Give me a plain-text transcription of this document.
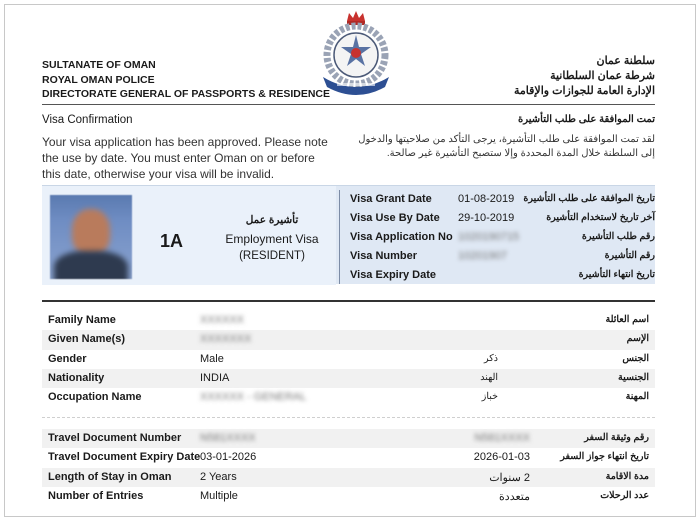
SULTANATE OF OMAN
ROYAL OMAN POLICE
DIRECTORATE GENERAL OF PASSPORTS & RESIDENCE
سلطنة عمان
شرطة عمان السلطانية
الإدارة العامة للجوازات والإقامة
Visa Confirmation	تمت الموافقة على طلب التأشيرة
Your visa application has been approved. Please note the use by date. You must enter Oman on or before this date, otherwise your visa will be invalid.
لقد تمت الموافقة على طلب التأشيرة، يرجى التأكد من صلاحيتها والدخول إلى السلطنة خلال المدة المحددة وإلا ستصبح التأشيرة غير صالحة.
1A
تأشيرة عمل
Employment Visa
(RESIDENT)
Visa Grant Date 01-08-2019 تاريخ الموافقة على طلب التأشيرة
Visa Use By Date 29-10-2019	آخر تاريخ لاستخدام التأشيرة
Visa Application No 1020190715	رقم طلب التأشيرة
Visa Number	10201907	رقم التأشيرة
Visa Expiry Date	تاريخ انتهاء التأشيرة
Family Name	XXXXXX	اسم العائلة
Given Name(s)	XXXXXXX	الإسم
Gender	Male	ذكر	الجنس
Nationality	INDIA	الهند	الجنسية
Occupation Name	XXXXXX - GENERAL	خباز	المهنة
Travel Document Number N581XXXX	N581XXXX	رقم وثيقة السفر
Travel Document Expiry Date 03-01-2026	2026-01-03	تاريخ انتهاء جواز السفر
Length of Stay in Oman	2 Years	2 سنوات	مدة الاقامة
Number of Entries	Multiple	متعددة	عدد الرحلات
